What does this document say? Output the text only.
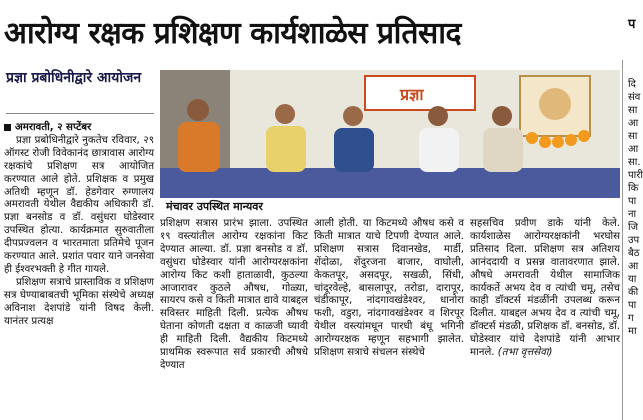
आरोग्य रक्षक प्रशिक्षण कार्यशाळेस प्रतिसाद	प
प्रज्ञा प्रबोधिनीद्वारे आयोजन

अमरावती, २ सप्टेंबर

प्रज्ञा प्रबोधिनीद्वारे नुकतेच रविवार, २९ ऑगस्ट रोजी विवेकानंद छात्रावास आरोग्य रक्षकांचे प्रशिक्षण सत्र आयोजित करण्यात आले होते. प्रशिक्षक व प्रमुख अतिथी म्हणून डॉ. हेडगेवार रुग्णालय अमरावती येथील वैद्यकीय अधिकारी डॉ. प्रज्ञा बनसोड व डॉ. वसुंधरा घोडेस्वार उपस्थित होत्या. कार्यक्रमात सुरुवातीला दीपप्रज्वलन व भारतमाता प्रतिमेचे पूजन करण्यात आले. प्रशांत पवार याने जनसेवा ही ईश्वरभक्ती हे गीत गायले.

प्रशिक्षण सत्राचे प्रास्ताविक व प्रशिक्षण सत्र घेण्याबाबतची भूमिका संस्थेचे अध्यक्ष अविनाश देशपांडे यांनी विषद केली. यानंतर प्रत्यक्ष

प्रज्ञा
मंचावर उपस्थित मान्यवर

प्रशिक्षण सत्रास प्रारंभ झाला. उपस्थित १९ वस्त्यांतील आरोग्य रक्षकांना किट देण्यात आल्या. डॉ. प्रज्ञा बनसोड व डॉ. वसुंधरा घोडेस्वार यांनी आरोग्यरक्षकांना आरोग्य किट कशी हाताळावी, कुठल्या आजारावर कुठले औषध, गोळ्या, सायरप कसे व किती मात्रात द्यावे याबद्दल सविस्तर माहिती दिली. प्रत्येक औषध घेताना कोणती दक्षता व काळजी घ्यावी ही माहिती दिली. वैद्यकीय किटमध्ये प्राथमिक स्वरूपात सर्व प्रकारची औषधे देण्यात

आली होती. या किटमध्ये औषध कसे व किती मात्रात याचे टिपणी देण्यात आले. प्रशिक्षण सत्रास दिवानखेड, मार्डी, शेंदोळा, शेंदुरजना बाजार, वाघोली, केकतपूर, असदपूर, सखळी, सिंधी, चांदूरवेल्हे, बासलापूर, तरोडा, दारापूर, चंडीकापूर, नांदगावखंडेश्वर, धानोरा फशी, वडुरा, नांदगावखंडेश्वर व शिरपूर येथील वस्त्यांमधून पारधी बंधू भगिनी आरोग्यरक्षक म्हणून सहभागी झालेत. प्रशिक्षण सत्राचे संचलन संस्थेचे

सहसचिव प्रवीण डाके यांनी केले. कार्यशाळेस आरोग्यरक्षकांनी भरघोस प्रतिसाद दिला. प्रशिक्षण सत्र अतिशय आनंददायी व प्रसन्न वातावरणात झाले. औषधे अमरावती येथील सामाजिक कार्यकर्ते अभय देव व त्यांची चमू, तसेच काही डॉक्टर्स मंडळींनी उपलब्ध करून दिलीत. याबद्दल अभय देव व त्यांची चमू, डॉक्टर्स मंडळी, प्रशिक्षक डॉ. बनसोड, डॉ. घोडेस्वार यांचे देशपांडे यांनी आभार मानले. (तभा वृत्तसेवा)

दि संव सा आ सा आ सा. पारी कि पा ना जि उप बैठ आ या की पा ग मा
